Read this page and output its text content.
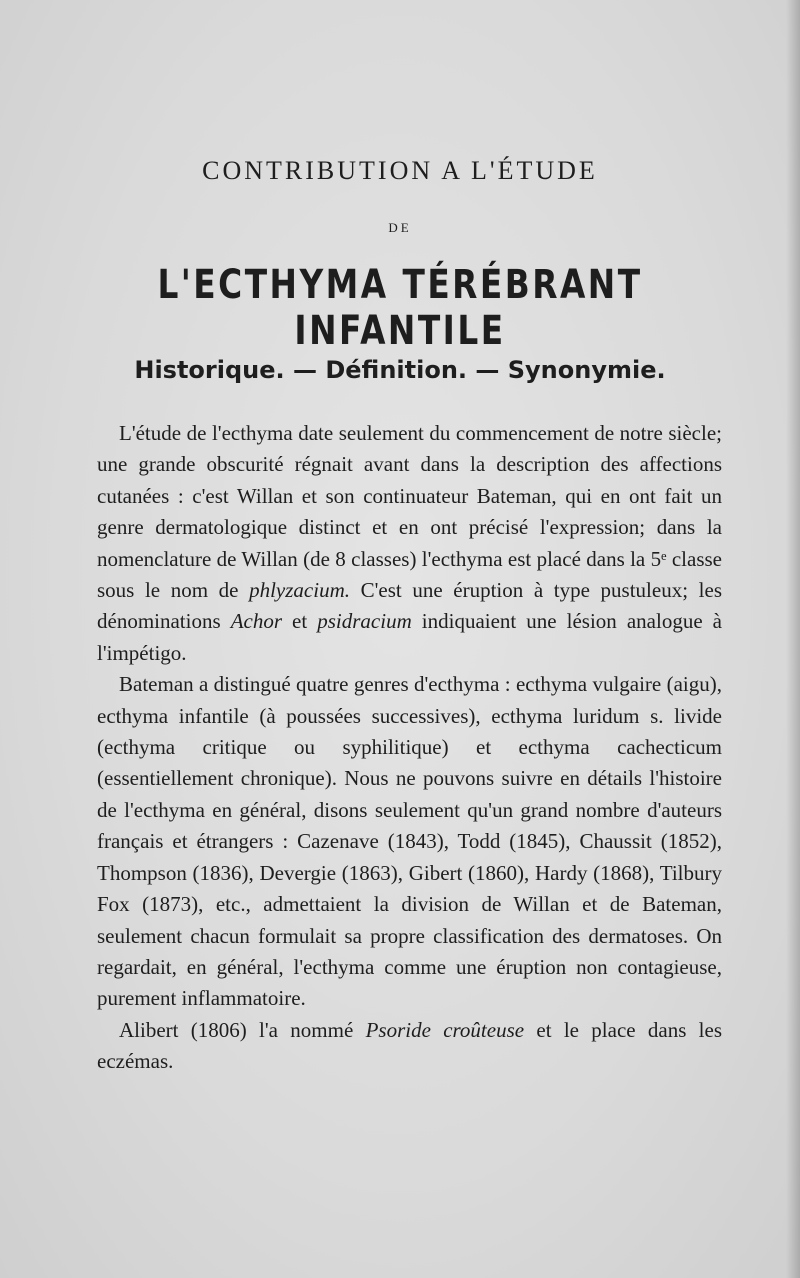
CONTRIBUTION A L'ÉTUDE
DE
L'ECTHYMA TÉRÉBRANT INFANTILE
Historique. — Définition. — Synonymie.

L'étude de l'ecthyma date seulement du commencement de notre siècle; une grande obscurité régnait avant dans la description des affections cutanées : c'est Willan et son continuateur Bateman, qui en ont fait un genre dermatologique distinct et en ont précisé l'expression; dans la nomenclature de Willan (de 8 classes) l'ecthyma est placé dans la 5ᵉ classe sous le nom de phlyzacium. C'est une éruption à type pustuleux; les dénominations Achor et psidracium indiquaient une lésion analogue à l'impétigo.

Bateman a distingué quatre genres d'ecthyma : ecthyma vulgaire (aigu), ecthyma infantile (à poussées successives), ecthyma luridum s. livide (ecthyma critique ou syphilitique) et ecthyma cachecticum (essentiellement chronique). Nous ne pouvons suivre en détails l'histoire de l'ecthyma en général, disons seulement qu'un grand nombre d'auteurs français et étrangers : Cazenave (1843), Todd (1845), Chaussit (1852), Thompson (1836), Devergie (1863), Gibert (1860), Hardy (1868), Tilbury Fox (1873), etc., admettaient la division de Willan et de Bateman, seulement chacun formulait sa propre classification des dermatoses. On regardait, en général, l'ecthyma comme une éruption non contagieuse, purement inflammatoire.

Alibert (1806) l'a nommé Psoride croûteuse et le place dans les eczémas.
